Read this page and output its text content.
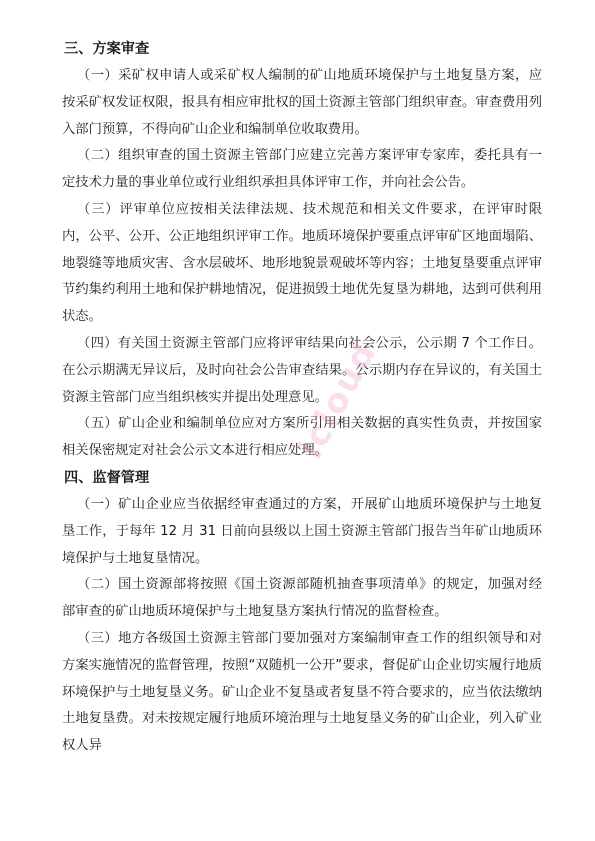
三、方案审查

（一）采矿权申请人或采矿权人编制的矿山地质环境保护与土地复垦方案，应按采矿权发证权限，报具有相应审批权的国土资源主管部门组织审查。审查费用列入部门预算，不得向矿山企业和编制单位收取费用。

（二）组织审查的国土资源主管部门应建立完善方案评审专家库，委托具有一定技术力量的事业单位或行业组织承担具体评审工作，并向社会公告。

（三）评审单位应按相关法律法规、技术规范和相关文件要求，在评审时限内，公平、公开、公正地组织评审工作。地质环境保护要重点评审矿区地面塌陷、地裂缝等地质灾害、含水层破坏、地形地貌景观破坏等内容；土地复垦要重点评审节约集约利用土地和保护耕地情况，促进损毁土地优先复垦为耕地，达到可供利用状态。

（四）有关国土资源主管部门应将评审结果向社会公示，公示期 7 个工作日。在公示期满无异议后，及时向社会公告审查结果。公示期内存在异议的，有关国土资源主管部门应当组织核实并提出处理意见。

（五）矿山企业和编制单位应对方案所引用相关数据的真实性负责，并按国家相关保密规定对社会公示文本进行相应处理。

四、监督管理

（一）矿山企业应当依据经审查通过的方案，开展矿山地质环境保护与土地复垦工作，于每年 12 月 31 日前向县级以上国土资源主管部门报告当年矿山地质环境保护与土地复垦情况。

（二）国土资源部将按照《国土资源部随机抽查事项清单》的规定，加强对经部审查的矿山地质环境保护与土地复垦方案执行情况的监督检查。

（三）地方各级国土资源主管部门要加强对方案编制审查工作的组织领导和对方案实施情况的监督管理，按照“双随机一公开”要求，督促矿山企业切实履行地质环境保护与土地复垦义务。矿山企业不复垦或者复垦不符合要求的，应当依法缴纳土地复垦费。对未按规定履行地质环境治理与土地复垦义务的矿山企业，列入矿业权人异

icloud
